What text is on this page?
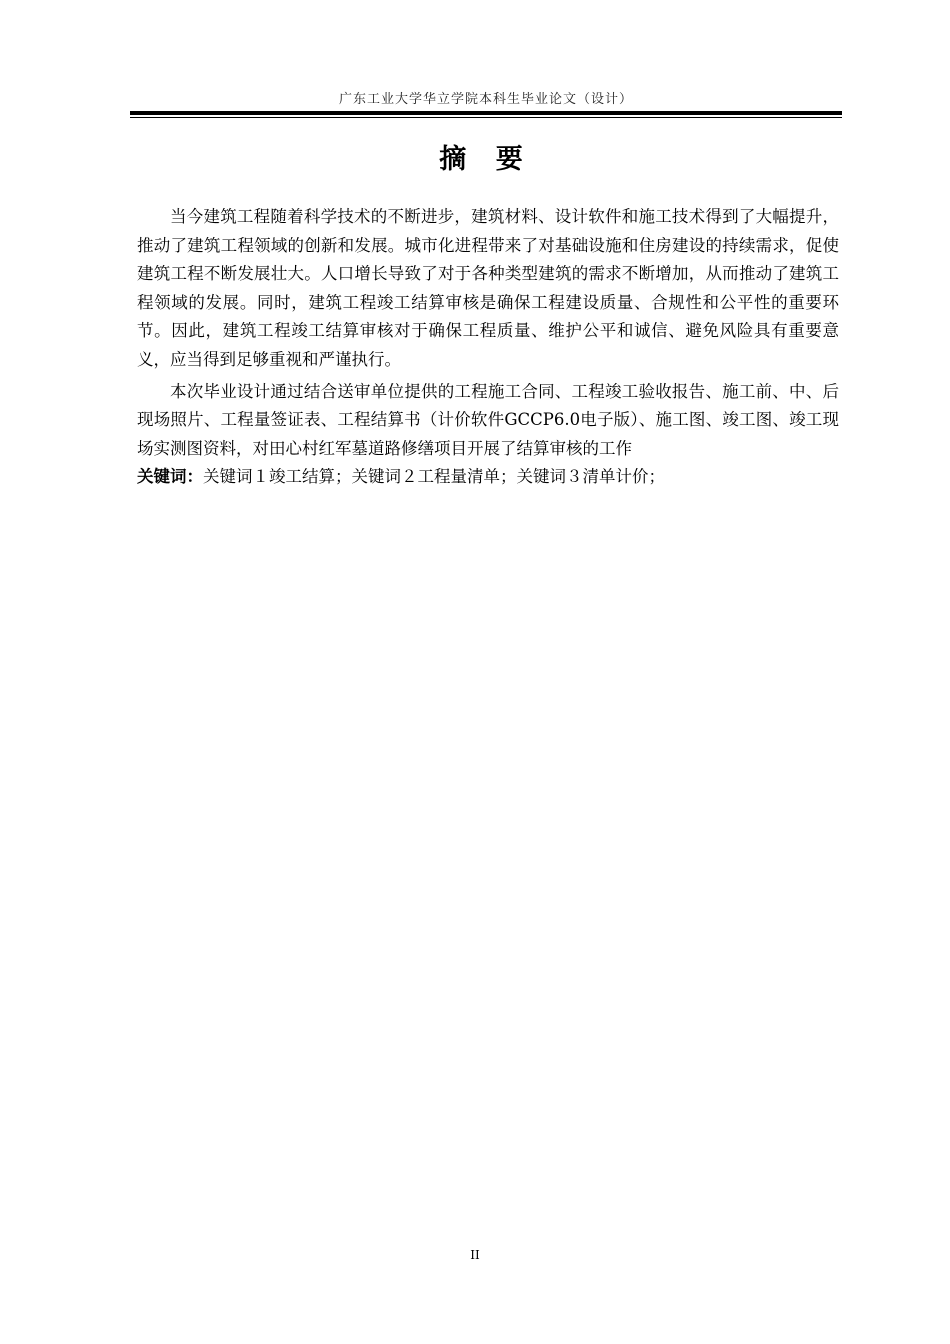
广东工业大学华立学院本科生毕业论文（设计）
摘 要

当今建筑工程随着科学技术的不断进步，建筑材料、设计软件和施工技术得到了大幅提升，推动了建筑工程领域的创新和发展。城市化进程带来了对基础设施和住房建设的持续需求，促使建筑工程不断发展壮大。人口增长导致了对于各种类型建筑的需求不断增加，从而推动了建筑工程领域的发展。同时，建筑工程竣工结算审核是确保工程建设质量、合规性和公平性的重要环节。因此，建筑工程竣工结算审核对于确保工程质量、维护公平和诚信、避免风险具有重要意义，应当得到足够重视和严谨执行。

本次毕业设计通过结合送审单位提供的工程施工合同、工程竣工验收报告、施工前、中、后现场照片、工程量签证表、工程结算书（计价软件GCCP6.0电子版）、施工图、竣工图、竣工现场实测图资料，对田心村红军墓道路修缮项目开展了结算审核的工作

关键词：关键词１竣工结算；关键词２工程量清单；关键词３清单计价；
II
